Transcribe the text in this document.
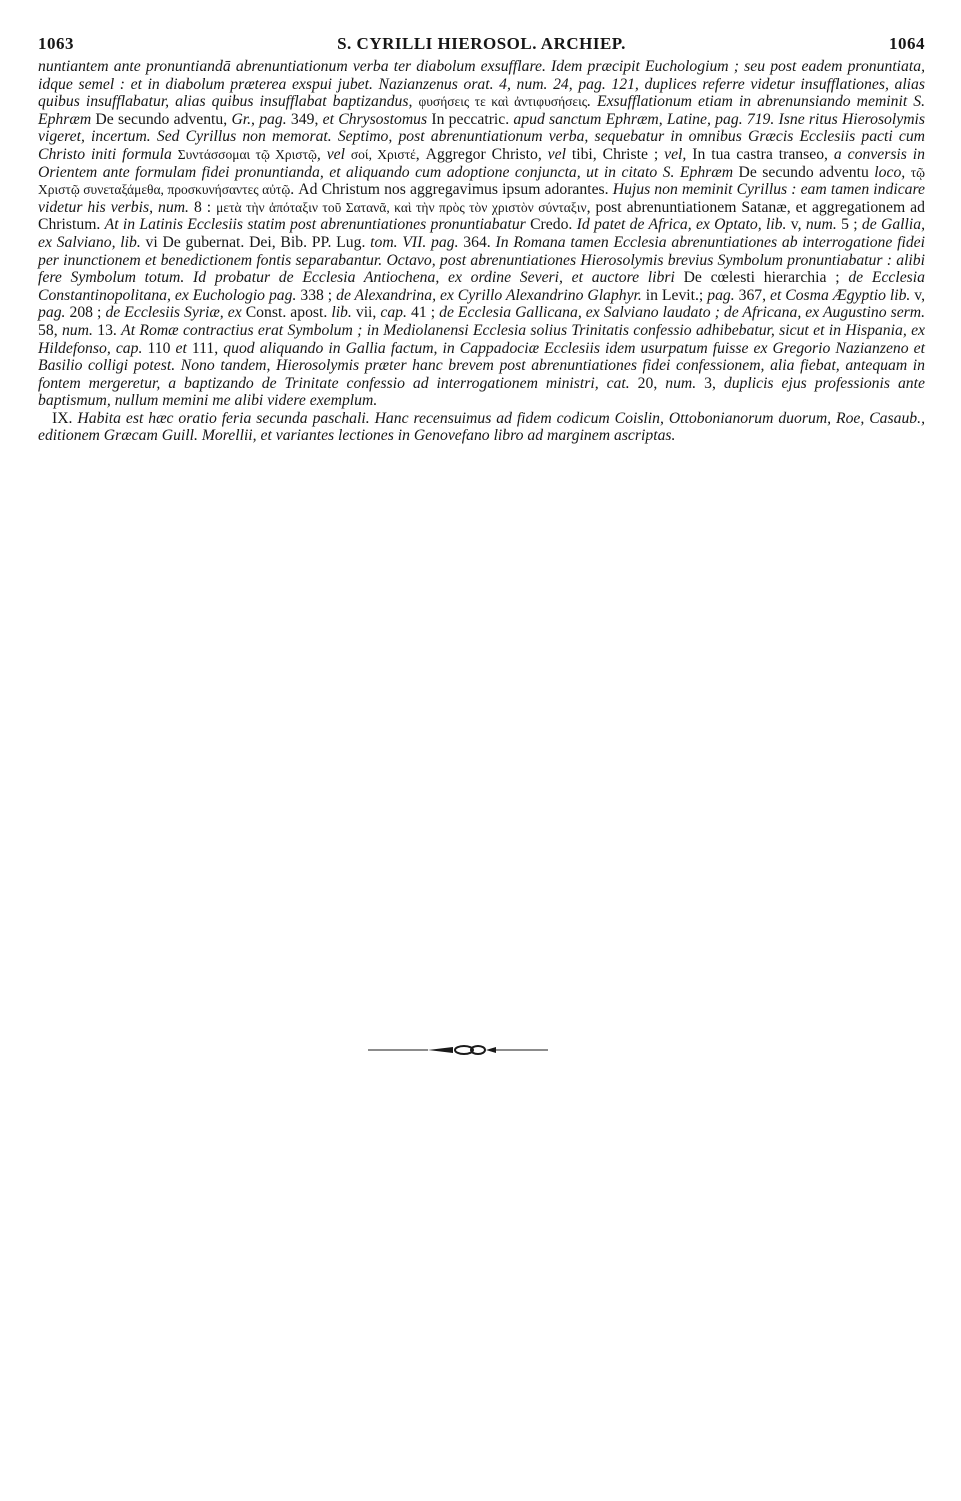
1063	S. CYRILLI HIEROSOL. ARCHIEP.	1064

nuntiantem ante pronuntiandā abrenuntiationum verba ter diabolum exsufflare. Idem præcipit Euchologium ; seu post eadem pronuntiata, idque semel : et in diabolum præterea exspui jubet. Nazianzenus orat. 4, num. 24, pag. 121, duplices referre videtur insufflationes, alias quibus insufflabatur, alias quibus insufflabat baptizandus, φυσήσεις τε καὶ ἀντιφυσήσεις. Exsufflationum etiam in abrenunsiando meminit S. Ephræm De secundo adventu, Gr., pag. 349, et Chrysostomus In peccatric. apud sanctum Ephræm, Latine, pag. 719. Isne ritus Hierosolymis vigeret, incertum. Sed Cyrillus non memorat. Septimo, post abrenuntiationum verba, sequebatur in omnibus Græcis Ecclesiis pacti cum Christo initi formula Συντάσσομαι τῷ Χριστῷ, vel σοί, Χριστέ, Aggregor Christo, vel tibi, Christe ; vel, In tua castra transeo, a conversis in Orientem ante formulam fidei pronuntianda, et aliquando cum adoptione conjuncta, ut in citato S. Ephræm De secundo adventu loco, τῷ Χριστῷ συνεταξάμεθα, προσκυνήσαντες αὐτῷ. Ad Christum nos aggregavimus ipsum adorantes. Hujus non meminit Cyrillus : eam tamen indicare videtur his verbis, num. 8 : μετὰ τὴν ἀπόταξιν τοῦ Σατανᾶ, καὶ τὴν πρὸς τὸν χριστὸν σύνταξιν, post abrenuntiationem Satanæ, et aggregationem ad Christum. At in Latinis Ecclesiis statim post abrenuntiationes pronuntiabatur Credo. Id patet de Africa, ex Optato, lib. v, num. 5 ; de Gallia, ex Salviano, lib. vi De gubernat. Dei, Bib. PP. Lug. tom. VII. pag. 364. In Romana tamen Ecclesia abrenuntiationes ab interrogatione fidei per inunctionem et benedictionem fontis separabantur. Octavo, post abrenuntiationes Hierosolymis brevius Symbolum pronuntiabatur : alibi fere Symbolum totum. Id probatur de Ecclesia Antiochena, ex ordine Severi, et auctore libri De cœlesti hierarchia ; de Ecclesia Constantinopolitana, ex Euchologio pag. 338 ; de Alexandrina, ex Cyrillo Alexandrino Glaphyr. in Levit.; pag. 367, et Cosma Ægyptio lib. v, pag. 208 ; de Ecclesiis Syriæ, ex Const. apost. lib. vii, cap. 41 ; de Ecclesia Gallicana, ex Salviano laudato ; de Africana, ex Augustino serm. 58, num. 13. At Romæ contractius erat Symbolum ; in Mediolanensi Ecclesia solius Trinitatis confessio adhibebatur, sicut et in Hispania, ex Hildefonso, cap. 110 et 111, quod aliquando in Gallia factum, in Cappadociæ Ecclesiis idem usurpatum fuisse ex Gregorio Nazianzeno et Basilio colligi potest. Nono tandem, Hierosolymis præter hanc brevem post abrenuntiationes fidei confessionem, alia fiebat, antequam in fontem mergeretur, a baptizando de Trinitate confessio ad interrogationem ministri, cat. 20, num. 3, duplicis ejus professionis ante baptismum, nullum memini me alibi videre exemplum.

IX. Habita est hæc oratio feria secunda paschali. Hanc recensuimus ad fidem codicum Coislin, Ottobonianorum duorum, Roe, Casaub., editionem Græcam Guill. Morellii, et variantes lectiones in Genovefano libro ad marginem ascriptas.
